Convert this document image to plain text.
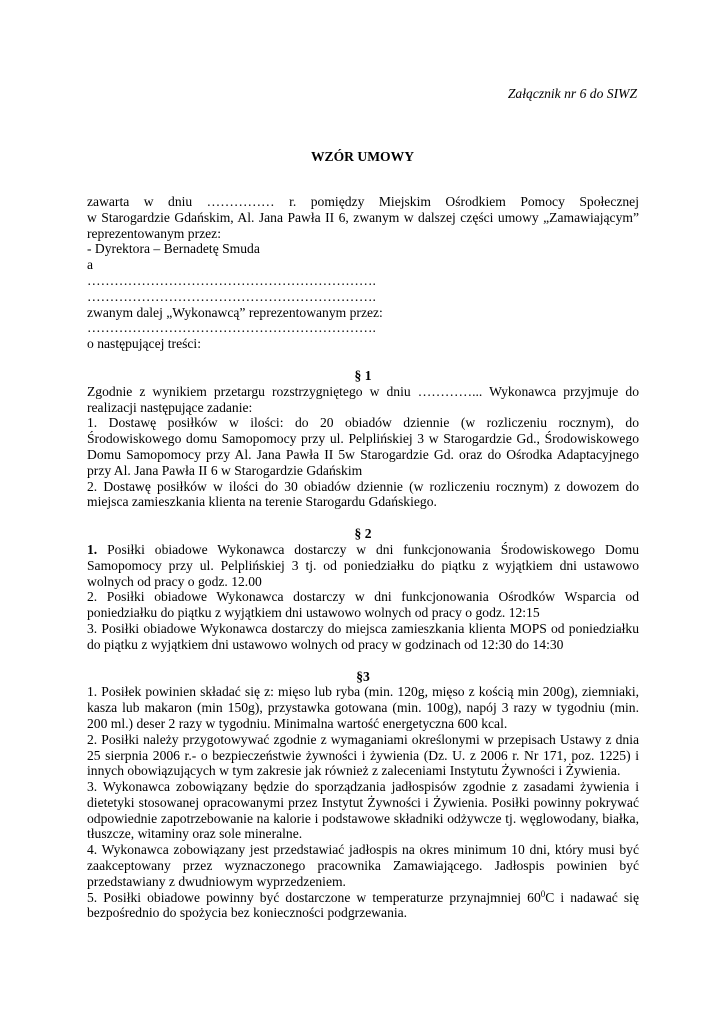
Załącznik nr 6 do SIWZ
WZÓR UMOWY

zawarta w dniu …………… r. pomiędzy Miejskim Ośrodkiem Pomocy Społecznej

w Starogardzie Gdańskim, Al. Jana Pawła II 6, zwanym w dalszej części umowy „Zamawiającym”

reprezentowanym przez:

- Dyrektora – Bernadetę Smuda

a

……………………………………………………….

……………………………………………………….

zwanym dalej „Wykonawcą” reprezentowanym przez:

……………………………………………………….

o następującej treści:

§ 1

Zgodnie z wynikiem przetargu rozstrzygniętego w dniu …………... Wykonawca przyjmuje do

realizacji następujące zadanie:

1. Dostawę posiłków w ilości: do 20 obiadów dziennie (w rozliczeniu rocznym), do Środowiskowego domu Samopomocy przy ul. Pelplińskiej 3 w Starogardzie Gd., Środowiskowego Domu Samopomocy przy Al. Jana Pawła II 5w Starogardzie Gd. oraz do Ośrodka Adaptacyjnego przy Al. Jana Pawła II 6 w Starogardzie Gdańskim

2. Dostawę posiłków w ilości do 30 obiadów dziennie (w rozliczeniu rocznym) z dowozem do miejsca zamieszkania klienta na terenie Starogardu Gdańskiego.

§ 2

1. Posiłki obiadowe Wykonawca dostarczy w dni funkcjonowania Środowiskowego Domu Samopomocy przy ul. Pelplińskiej 3 tj. od poniedziałku do piątku z wyjątkiem dni ustawowo wolnych od pracy o godz. 12.00

2. Posiłki obiadowe Wykonawca dostarczy w dni funkcjonowania Ośrodków Wsparcia od poniedziałku do piątku z wyjątkiem dni ustawowo wolnych od pracy o godz. 12:15

3. Posiłki obiadowe Wykonawca dostarczy do miejsca zamieszkania klienta MOPS od poniedziałku do piątku z wyjątkiem dni ustawowo wolnych od pracy w godzinach od 12:30 do 14:30

§3

1. Posiłek powinien składać się z: mięso lub ryba (min. 120g, mięso z kością min 200g), ziemniaki, kasza lub makaron (min 150g), przystawka gotowana (min. 100g), napój 3 razy w tygodniu (min. 200 ml.) deser 2 razy w tygodniu. Minimalna wartość energetyczna 600 kcal.

2. Posiłki należy przygotowywać zgodnie z wymaganiami określonymi w przepisach Ustawy z dnia 25 sierpnia 2006 r.- o bezpieczeństwie żywności i żywienia (Dz. U. z 2006 r. Nr 171, poz. 1225) i innych obowiązujących w tym zakresie jak również z zaleceniami Instytutu Żywności i Żywienia.

3. Wykonawca zobowiązany będzie do sporządzania jadłospisów zgodnie z zasadami żywienia i dietetyki stosowanej opracowanymi przez Instytut Żywności i Żywienia. Posiłki powinny pokrywać odpowiednie zapotrzebowanie na kalorie i podstawowe składniki odżywcze tj. węglowodany, białka, tłuszcze, witaminy oraz sole mineralne.

4. Wykonawca zobowiązany jest przedstawiać jadłospis na okres minimum 10 dni, który musi być zaakceptowany przez wyznaczonego pracownika Zamawiającego. Jadłospis powinien być przedstawiany z dwudniowym wyprzedzeniem.

5. Posiłki obiadowe powinny być dostarczone w temperaturze przynajmniej $60^0C$ i nadawać się bezpośrednio do spożycia bez konieczności podgrzewania.
